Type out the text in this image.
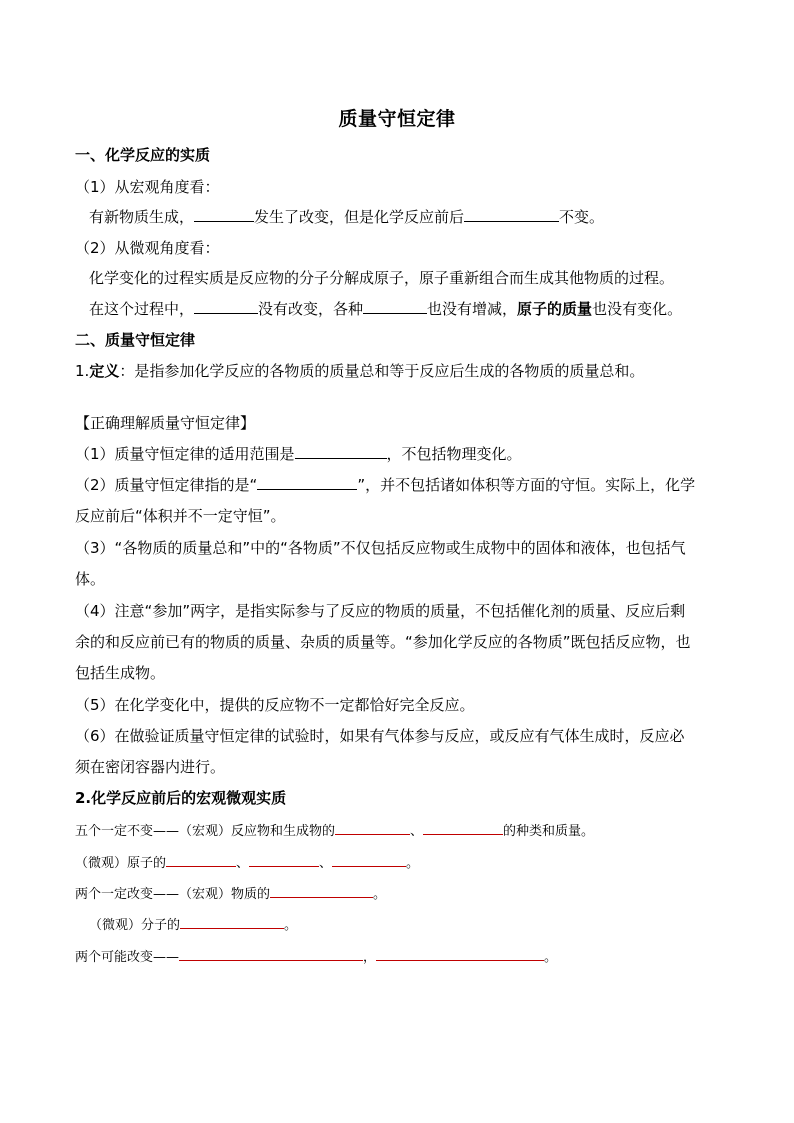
质量守恒定律
一、化学反应的实质
（1）从宏观角度看：
有新物质生成，	发生了改变，但是化学反应前后	不变。
（2）从微观角度看：
化学变化的过程实质是反应物的分子分解成原子，原子重新组合而生成其他物质的过程。
在这个过程中，	没有改变，各种	也没有增减，原子的质量也没有变化。
二、质量守恒定律
1.定义：是指参加化学反应的各物质的质量总和等于反应后生成的各物质的质量总和。
【正确理解质量守恒定律】
（1）质量守恒定律的适用范围是	，不包括物理变化。
（2）质量守恒定律指的是“	”，并不包括诸如体积等方面的守恒。实际上，化学
反应前后“体积并不一定守恒”。
（3）“各物质的质量总和”中的“各物质”不仅包括反应物或生成物中的固体和液体，也包括气
体。
（4）注意“参加”两字，是指实际参与了反应的物质的质量，不包括催化剂的质量、反应后剩
余的和反应前已有的物质的质量、杂质的质量等。“参加化学反应的各物质”既包括反应物，也
包括生成物。
（5）在化学变化中，提供的反应物不一定都恰好完全反应。
（6）在做验证质量守恒定律的试验时，如果有气体参与反应，或反应有气体生成时，反应必
须在密闭容器内进行。
2.化学反应前后的宏观微观实质
五个一定不变——（宏观）反应物和生成物的	、	的种类和质量。
（微观）原子的	、	、	。
两个一定改变——（宏观）物质的	。
（微观）分子的	。
两个可能改变——	，	。
